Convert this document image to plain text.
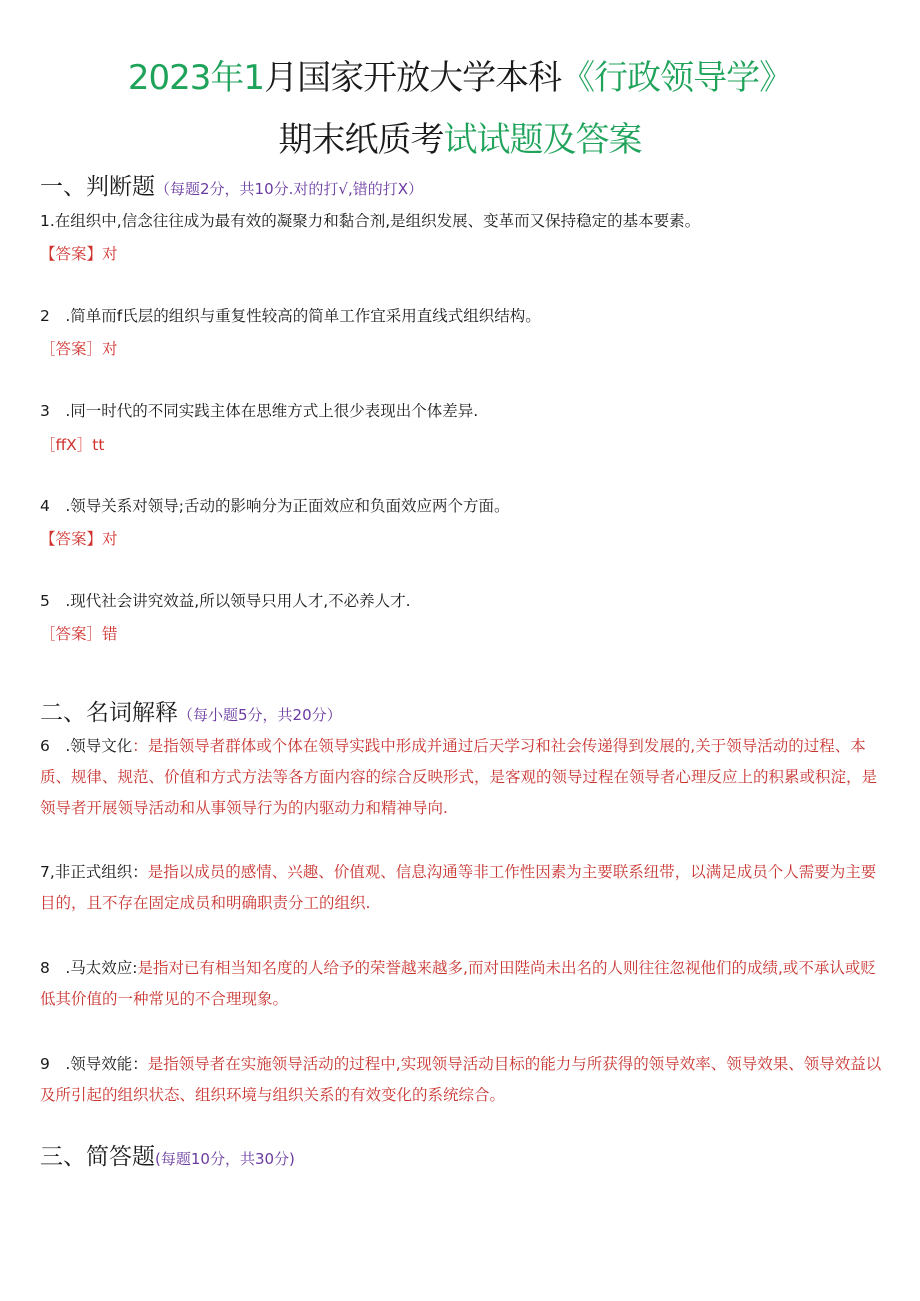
2023年1月国家开放大学本科《行政领导学》
期末纸质考试试题及答案
一、判断题（每题2分，共10分.对的打√,错的打X）
1.在组织中,信念往往成为最有效的凝聚力和黏合剂,是组织发展、变革而又保持稳定的基本要素。
【答案】对
2　.简单而f氏层的组织与重复性较高的简单工作宜采用直线式组织结构。
［答案］对
3　.同一时代的不同实践主体在思维方式上很少表现出个体差异.
［ffX］tt
4　.领导关系对领导;舌动的影响分为正面效应和负面效应两个方面。
【答案】对
5　.现代社会讲究效益,所以领导只用人才,不必养人才.
［答案］错
二、名词解释（每小题5分，共20分）
6　.领导文化：是指领导者群体或个体在领导实践中形成并通过后天学习和社会传递得到发展的,关于领导活动的过程、本质、规律、规范、价值和方式方法等各方面内容的综合反映形式，是客观的领导过程在领导者心理反应上的积累或积淀，是领导者开展领导活动和从事领导行为的内驱动力和精神导向.
7,非正式组织：是指以成员的感情、兴趣、价值观、信息沟通等非工作性因素为主要联系纽带，以满足成员个人需要为主要目的，且不存在固定成员和明确职责分工的组织.
8　.马太效应:是指对已有相当知名度的人给予的荣誉越来越多,而对田陛尚未出名的人则往往忽视他们的成绩,或不承认或贬低其价值的一种常见的不合理现象。
9　.领导效能：是指领导者在实施领导活动的过程中,实现领导活动目标的能力与所获得的领导效率、领导效果、领导效益以及所引起的组织状态、组织环境与组织关系的有效变化的系统综合。
三、简答题(每题10分，共30分)
